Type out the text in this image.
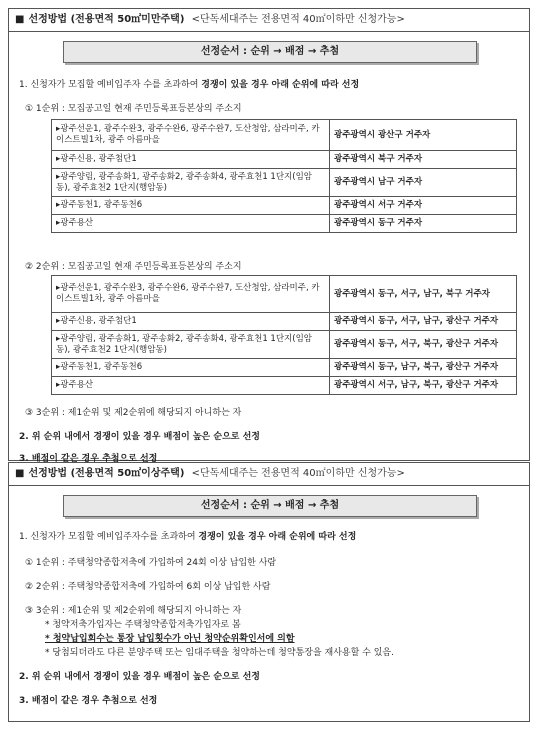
■ 선정방법 (전용면적 50㎡미만주택) <단독세대주는 전용면적 40㎡이하만 신청가능>
선정순서 : 순위 → 배점 → 추첨
1. 신청자가 모집할 예비입주자 수를 초과하여 경쟁이 있을 경우 아래 순위에 따라 선정
① 1순위 : 모집공고일 현재 주민등록표등본상의 주소지
▸광주선운1, 광주수완3, 광주수완6, 광주수완7, 도산청암, 삼라미주, 카이스트빌1차, 광주 아름마을	광주광역시 광산구 거주자
▸광주신용, 광주첨단1	광주광역시 북구 거주자
▸광주양림, 광주송화1, 광주송화2, 광주송화4, 광주효천1 1단지(임암동), 광주효천2 1단지(행암동)	광주광역시 남구 거주자
▸광주동천1, 광주동천6	광주광역시 서구 거주자
▸광주용산	광주광역시 동구 거주자
② 2순위 : 모집공고일 현재 주민등록표등본상의 주소지
▸광주선운1, 광주수완3, 광주수완6, 광주수완7, 도산청암, 삼라미주, 카이스트빌1차, 광주 아름마을	광주광역시 동구, 서구, 남구, 북구 거주자
▸광주신용, 광주첨단1	광주광역시 동구, 서구, 남구, 광산구 거주자
▸광주양림, 광주송화1, 광주송화2, 광주송화4, 광주효천1 1단지(임암동), 광주효천2 1단지(행암동)	광주광역시 동구, 서구, 북구, 광산구 거주자
▸광주동천1, 광주동천6	광주광역시 동구, 남구, 북구, 광산구 거주자
▸광주용산	광주광역시 서구, 남구, 북구, 광산구 거주자
③ 3순위 : 제1순위 및 제2순위에 해당되지 아니하는 자
2. 위 순위 내에서 경쟁이 있을 경우 배점이 높은 순으로 선정
3. 배점이 같은 경우 추첨으로 선정
■ 선정방법 (전용면적 50㎡이상주택) <단독세대주는 전용면적 40㎡이하만 신청가능>
선정순서 : 순위 → 배점 → 추첨
1. 신청자가 모집할 예비입주자수를 초과하여 경쟁이 있을 경우 아래 순위에 따라 선정
① 1순위 : 주택청약종합저축에 가입하여 24회 이상 납입한 사람
② 2순위 : 주택청약종합저축에 가입하여 6회 이상 납입한 사람
③ 3순위 : 제1순위 및 제2순위에 해당되지 아니하는 자
* 청약저축가입자는 주택청약종합저축가입자로 봄
* 청약납입회수는 통장 납입횟수가 아닌 청약순위확인서에 의함
* 당첨되더라도 다른 분양주택 또는 임대주택을 청약하는데 청약통장을 재사용할 수 있음.
2. 위 순위 내에서 경쟁이 있을 경우 배점이 높은 순으로 선정
3. 배점이 같은 경우 추첨으로 선정
